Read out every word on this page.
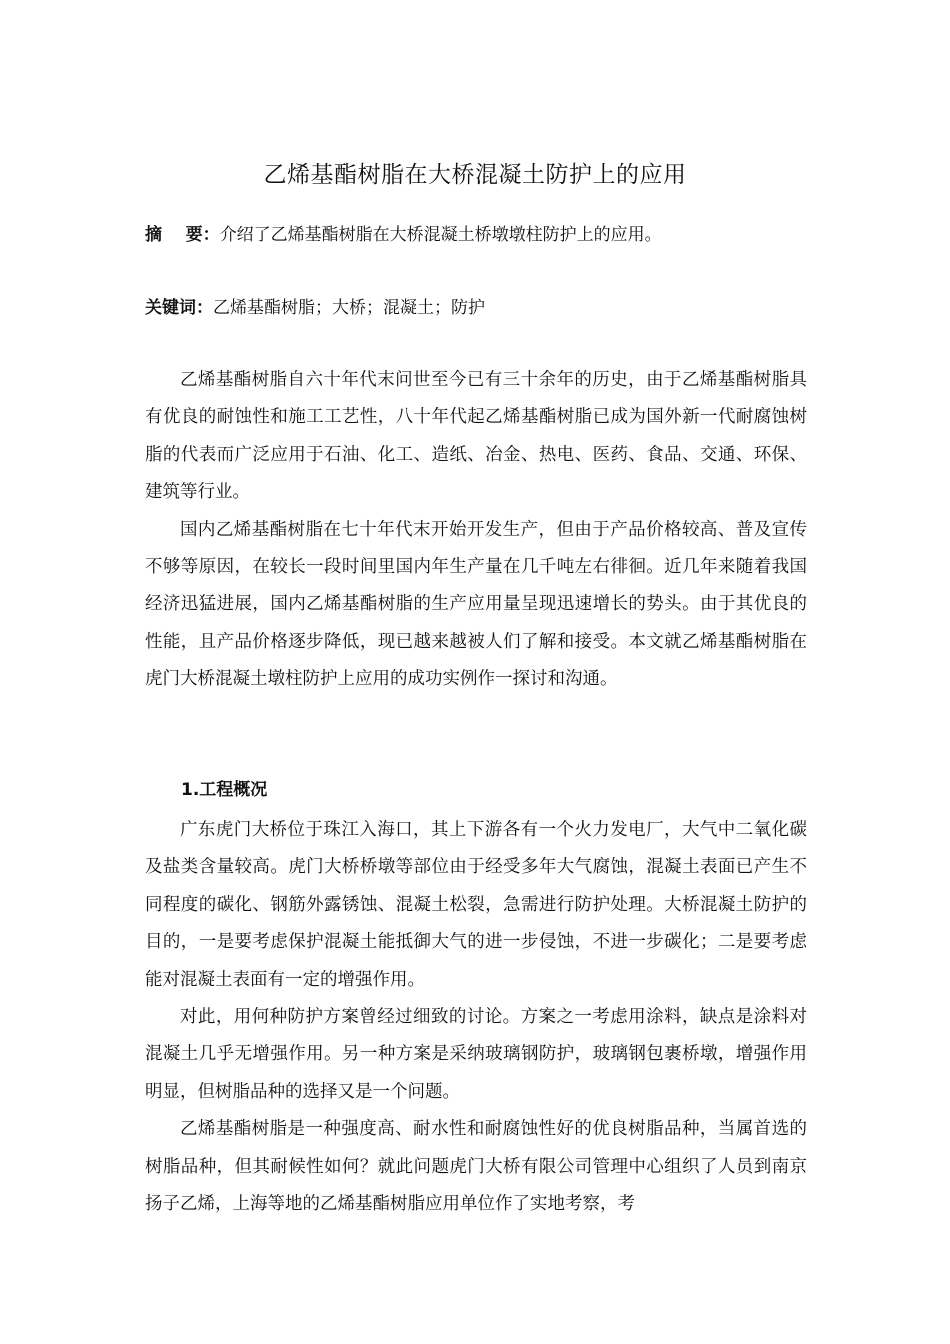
乙烯基酯树脂在大桥混凝土防护上的应用
摘    要：介绍了乙烯基酯树脂在大桥混凝土桥墩墩柱防护上的应用。
关键词：乙烯基酯树脂；大桥；混凝土；防护

乙烯基酯树脂自六十年代末问世至今已有三十余年的历史，由于乙烯基酯树脂具有优良的耐蚀性和施工工艺性，八十年代起乙烯基酯树脂已成为国外新一代耐腐蚀树脂的代表而广泛应用于石油、化工、造纸、冶金、热电、医药、食品、交通、环保、建筑等行业。

国内乙烯基酯树脂在七十年代末开始开发生产，但由于产品价格较高、普及宣传不够等原因，在较长一段时间里国内年生产量在几千吨左右徘徊。近几年来随着我国经济迅猛进展，国内乙烯基酯树脂的生产应用量呈现迅速增长的势头。由于其优良的性能，且产品价格逐步降低，现已越来越被人们了解和接受。本文就乙烯基酯树脂在虎门大桥混凝土墩柱防护上应用的成功实例作一探讨和沟通。

1.工程概况

广东虎门大桥位于珠江入海口，其上下游各有一个火力发电厂，大气中二氧化碳及盐类含量较高。虎门大桥桥墩等部位由于经受多年大气腐蚀，混凝土表面已产生不同程度的碳化、钢筋外露锈蚀、混凝土松裂，急需进行防护处理。大桥混凝土防护的目的，一是要考虑保护混凝土能抵御大气的进一步侵蚀，不进一步碳化；二是要考虑能对混凝土表面有一定的增强作用。

对此，用何种防护方案曾经过细致的讨论。方案之一考虑用涂料，缺点是涂料对混凝土几乎无增强作用。另一种方案是采纳玻璃钢防护，玻璃钢包裹桥墩，增强作用明显，但树脂品种的选择又是一个问题。

乙烯基酯树脂是一种强度高、耐水性和耐腐蚀性好的优良树脂品种，当属首选的树脂品种，但其耐候性如何？就此问题虎门大桥有限公司管理中心组织了人员到南京扬子乙烯，上海等地的乙烯基酯树脂应用单位作了实地考察，考
